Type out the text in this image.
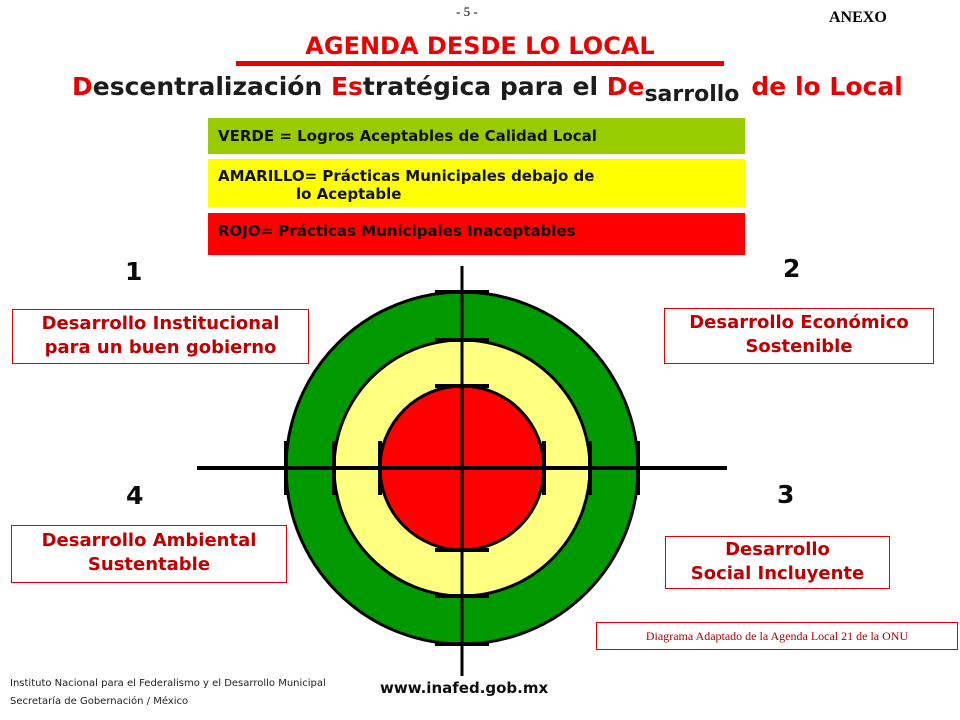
- 5 -	ANEXO
AGENDA DESDE LO LOCAL
Descentralización Estratégica para el Desarrollo de lo Local
VERDE = Logros Aceptables de Calidad Local
AMARILLO= Prácticas Municipales debajo de
lo Aceptable
ROJO= Prácticas Municipales Inaceptables
1	2
3
4
Desarrollo Institucional
para un buen gobierno
Desarrollo Económico
Sostenible
Desarrollo
Social Incluyente
Desarrollo Ambiental
Sustentable
Diagrama Adaptado de la Agenda Local 21 de la ONU
Instituto Nacional para el Federalismo y el Desarrollo Municipal
Secretaría de Gobernación / México
www.inafed.gob.mx
